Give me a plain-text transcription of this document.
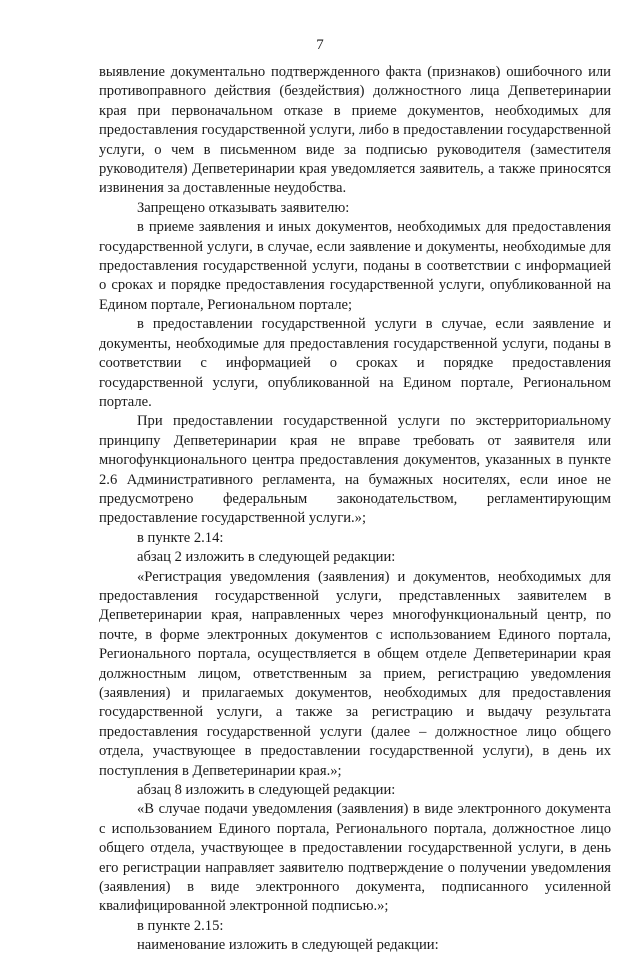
7

выявление документально подтвержденного факта (признаков) ошибочного или противоправного действия (бездействия) должностного лица Депветеринарии края при первоначальном отказе в приеме документов, необходимых для предоставления государственной услуги, либо в предоставлении государственной услуги, о чем в письменном виде за подписью руководителя (заместителя руководителя) Депветеринарии края уведомляется заявитель, а также приносятся извинения за доставленные неудобства.

Запрещено отказывать заявителю:

в приеме заявления и иных документов, необходимых для предоставления государственной услуги, в случае, если заявление и документы, необходимые для предоставления государственной услуги, поданы в соответствии с информацией о сроках и порядке предоставления государственной услуги, опубликованной на Едином портале, Региональном портале;

в предоставлении государственной услуги в случае, если заявление и документы, необходимые для предоставления государственной услуги, поданы в соответствии с информацией о сроках и порядке предоставления государственной услуги, опубликованной на Едином портале, Региональном портале.

При предоставлении государственной услуги по экстерриториальному принципу Депветеринарии края не вправе требовать от заявителя или многофункционального центра предоставления документов, указанных в пункте 2.6 Административного регламента, на бумажных носителях, если иное не предусмотрено федеральным законодательством, регламентирующим предоставление государственной услуги.»;

в пункте 2.14:

абзац 2 изложить в следующей редакции:

«Регистрация уведомления (заявления) и документов, необходимых для предоставления государственной услуги, представленных заявителем в Депветеринарии края, направленных через многофункциональный центр, по почте, в форме электронных документов с использованием Единого портала, Регионального портала, осуществляется в общем отделе Депветеринарии края должностным лицом, ответственным за прием, регистрацию уведомления (заявления) и прилагаемых документов, необходимых для предоставления государственной услуги, а также за регистрацию и выдачу результата предоставления государственной услуги (далее – должностное лицо общего отдела, участвующее в предоставлении государственной услуги), в день их поступления в Депветеринарии края.»;

абзац 8 изложить в следующей редакции:

«В случае подачи уведомления (заявления) в виде электронного документа с использованием Единого портала, Регионального портала, должностное лицо общего отдела, участвующее в предоставлении государственной услуги, в день его регистрации направляет заявителю подтверждение о получении уведомления (заявления) в виде электронного документа, подписанного усиленной квалифицированной электронной подписью.»;

в пункте 2.15:

наименование изложить в следующей редакции:
